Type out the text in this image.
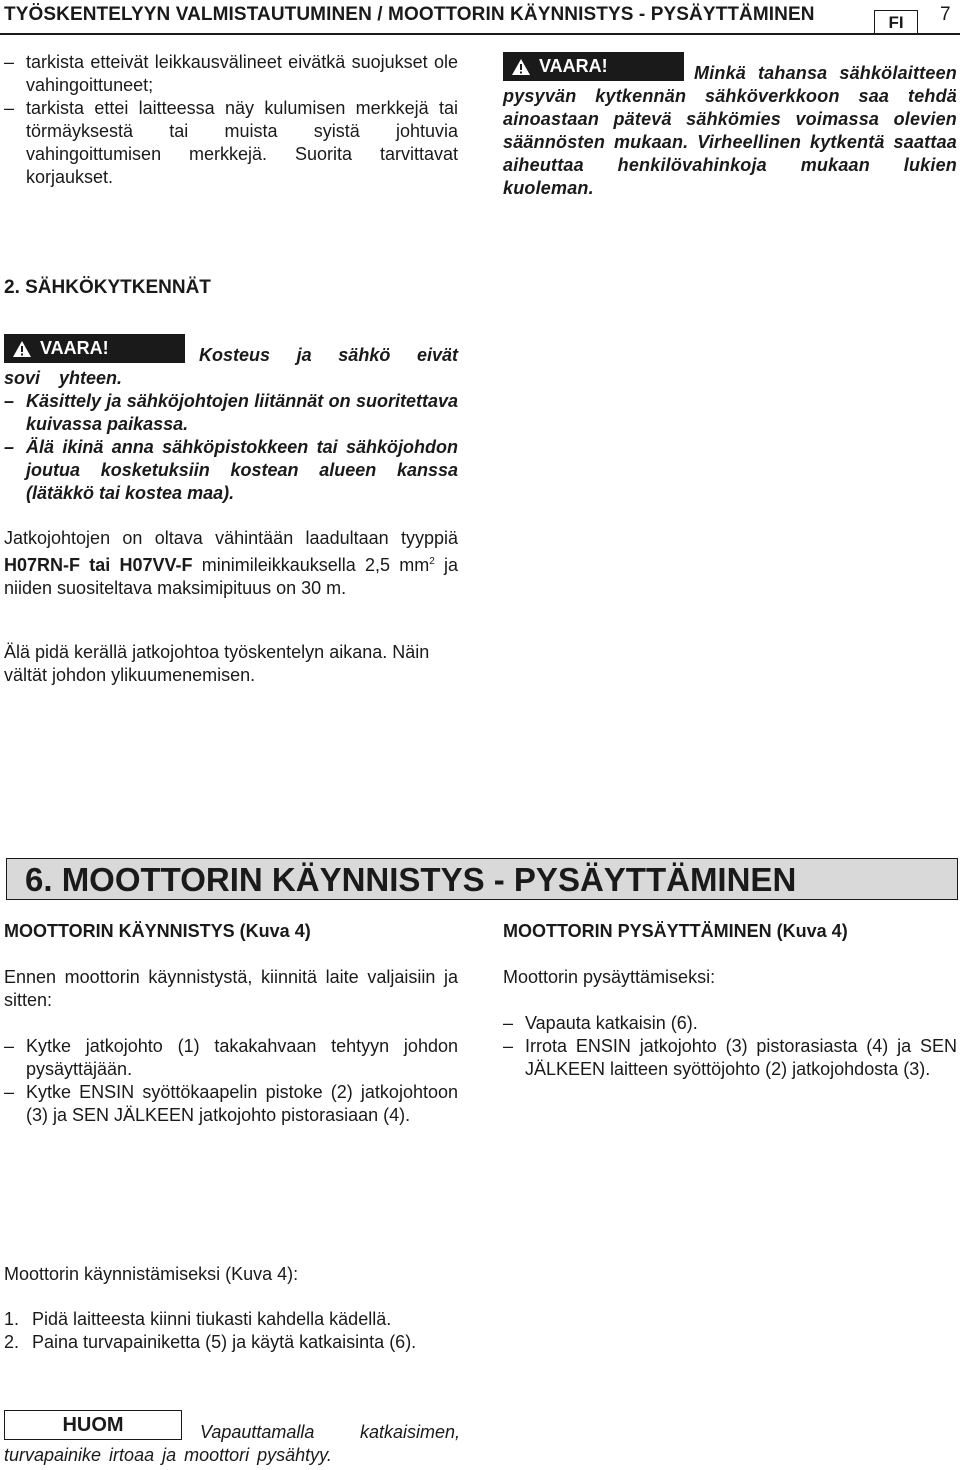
TYÖSKENTELYYN VALMISTAUTUMINEN / MOOTTORIN KÄYNNISTYS - PYSÄYTTÄMINEN	FI	7
– tarkista etteivät leikkausvälineet eivätkä suojukset ole vahingoittuneet;
– tarkista ettei laitteessa näy kulumisen merkkejä tai törmäyksestä tai muista syistä johtuvia vahingoittumisen merkkejä. Suorita tarvittavat korjaukset.
VAARA!	Minkä tahansa sähkölaitteen pysyvän kytkennän sähköverkkoon saa tehdä ainoastaan pätevä sähkömies voimassa olevien säännösten mukaan. Virheellinen kytkentä saattaa aiheuttaa henkilövahinkoja mukaan lukien kuoleman.
2. SÄHKÖKYTKENNÄT
VAARA!	Kosteus ja sähkö eivät sovi yhteen.
– Käsittely ja sähköjohtojen liitännät on suoritettava kuivassa paikassa.
– Älä ikinä anna sähköpistokkeen tai sähköjohdon joutua kosketuksiin kostean alueen kanssa (lätäkkö tai kostea maa).
Jatkojohtojen on oltava vähintään laadultaan tyyppiä H07RN-F tai H07VV-F minimileikkauksella 2,5 $mm^2$ ja niiden suositeltava maksimipituus on 30 m.
Älä pidä kerällä jatkojohtoa työskentelyn aikana. Näin vältät johdon ylikuumenemisen.
6. MOOTTORIN KÄYNNISTYS - PYSÄYTTÄMINEN
MOOTTORIN KÄYNNISTYS (Kuva 4)
Ennen moottorin käynnistystä, kiinnitä laite valjaisiin ja sitten:
– Kytke jatkojohto (1) takakahvaan tehtyyn johdon pysäyttäjään.
– Kytke ENSIN syöttökaapelin pistoke (2) jatkojohtoon (3) ja SEN JÄLKEEN jatkojohto pistorasiaan (4).
MOOTTORIN PYSÄYTTÄMINEN (Kuva 4)
Moottorin pysäyttämiseksi:
– Vapauta katkaisin (6).
– Irrota ENSIN jatkojohto (3) pistorasiasta (4) ja SEN JÄLKEEN laitteen syöttöjohto (2) jatkojohdosta (3).
Moottorin käynnistämiseksi (Kuva 4):
1. Pidä laitteesta kiinni tiukasti kahdella kädellä.
2. Paina turvapainiketta (5) ja käytä katkaisinta (6).
HUOM	Vapauttamalla katkaisimen, turvapainike irtoaa ja moottori pysähtyy.
